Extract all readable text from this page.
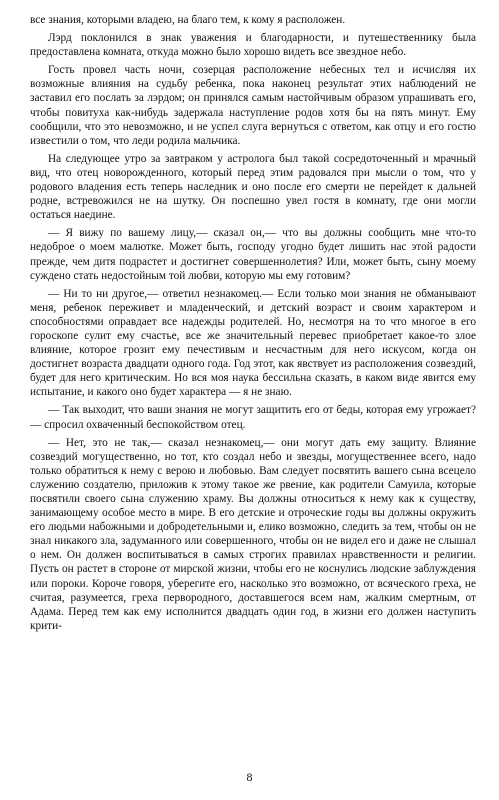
все знания, которыми владею, на благо тем, к кому я расположен.

Лэрд поклонился в знак уважения и благодарности, и путешественнику была предоставлена комната, откуда можно было хорошо видеть все звездное небо.

Гость провел часть ночи, созерцая расположение небесных тел и исчисляя их возможные влияния на судьбу ребенка, пока наконец результат этих наблюдений не заставил его послать за лэрдом; он принялся самым настойчивым образом упрашивать его, чтобы повитуха как-нибудь задержала наступление родов хотя бы на пять минут. Ему сообщили, что это невозможно, и не успел слуга вернуться с ответом, как отцу и его гостю известили о том, что леди родила мальчика.

На следующее утро за завтраком у астролога был такой сосредоточенный и мрачный вид, что отец новорожденного, который перед этим радовался при мысли о том, что у родового владения есть теперь наследник и оно после его смерти не перейдет к дальней родне, встревожился не на шутку. Он поспешно увел гостя в комнату, где они могли остаться наедине.

— Я вижу по вашему лицу,— сказал он,— что вы должны сообщить мне что-то недоброе о моем малютке. Может быть, господу угодно будет лишить нас этой радости прежде, чем дитя подрастет и достигнет совершеннолетия? Или, может быть, сыну моему суждено стать недостойным той любви, которую мы ему готовим?

— Ни то ни другое,— ответил незнакомец.— Если только мои знания не обманывают меня, ребенок переживет и младенческий, и детский возраст и своим характером и способностями оправдает все надежды родителей. Но, несмотря на то что многое в его гороскопе сулит ему счастье, все же значительный перевес приобретает какое-то злое влияние, которое грозит ему печестивым и несчастным для него искусом, когда он достигнет возраста двадцати одного года. Год этот, как явствует из расположения созвездий, будет для него критическим. Но вся моя наука бессильна сказать, в каком виде явится ему испытание, и какого оно будет характера — я не знаю.

— Так выходит, что ваши знания не могут защитить его от беды, которая ему угрожает? — спросил охваченный беспокойством отец.

— Нет, это не так,— сказал незнакомец,— они могут дать ему защиту. Влияние созвездий могущественно, но тот, кто создал небо и звезды, могущественнее всего, надо только обратиться к нему с верою и любовью. Вам следует посвятить вашего сына всецело служению создателю, приложив к этому такое же рвение, как родители Самуила, которые посвятили своего сына служению храму. Вы должны относиться к нему как к существу, занимающему особое место в мире. В его детские и отроческие годы вы должны окружить его людьми набожными и добродетельными и, елико возможно, следить за тем, чтобы он не знал никакого зла, задуманного или совершенного, чтобы он не видел его и даже не слышал о нем. Он должен воспитываться в самых строгих правилах нравственности и религии. Пусть он растет в стороне от мирской жизни, чтобы его не коснулись людские заблуждения или пороки. Короче говоря, уберегите его, насколько это возможно, от всяческого греха, не считая, разумеется, греха первородного, доставшегося всем нам, жалким смертным, от Адама. Перед тем как ему исполнится двадцать один год, в жизни его должен наступить крити-

8
